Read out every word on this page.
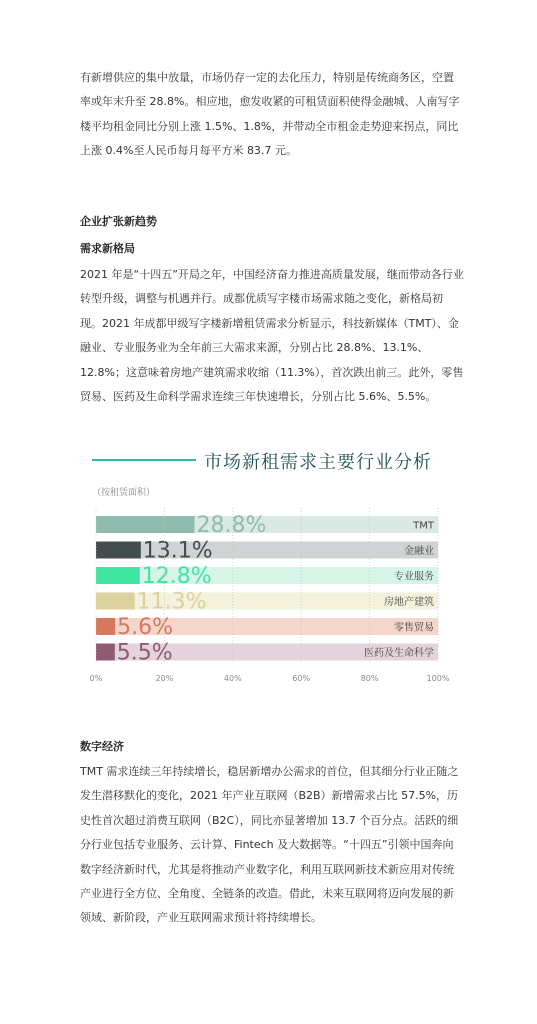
有新增供应的集中放量，市场仍存一定的去化压力，特别是传统商务区，空置率或年末升至 28.8%。相应地，愈发收紧的可租赁面积使得金融城、人南写字楼平均租金同比分别上涨 1.5%、1.8%，并带动全市租金走势迎来拐点，同比上涨 0.4%至人民币每月每平方米 83.7 元。

企业扩张新趋势

需求新格局

2021 年是“十四五”开局之年，中国经济奋力推进高质量发展，继而带动各行业转型升级，调整与机遇并行。成都优质写字楼市场需求随之变化，新格局初现。2021 年成都甲级写字楼新增租赁需求分析显示，科技新媒体（TMT）、金融业、专业服务业为全年前三大需求来源，分别占比 28.8%、13.1%、12.8%；这意味着房地产建筑需求收缩（11.3%），首次跌出前三。此外，零售贸易、医药及生命科学需求连续三年快速增长，分别占比 5.6%、5.5%。

市场新租需求主要行业分析
（按租赁面积）
28.8%	TMT
13.1%	金融业
12.8%	专业服务
11.3%	房地产建筑
5.6%	零售贸易
5.5%	医药及生命科学
0%	20%	40%	60%	80%	100%

数字经济

TMT 需求连续三年持续增长，稳居新增办公需求的首位，但其细分行业正随之发生潜移默化的变化，2021 年产业互联网（B2B）新增需求占比 57.5%，历史性首次超过消费互联网（B2C），同比亦显著增加 13.7 个百分点。活跃的细分行业包括专业服务、云计算、Fintech 及大数据等。“十四五”引领中国奔向数字经济新时代，尤其是将推动产业数字化，利用互联网新技术新应用对传统产业进行全方位、全角度、全链条的改造。借此，未来互联网将迈向发展的新领域、新阶段，产业互联网需求预计将持续增长。
